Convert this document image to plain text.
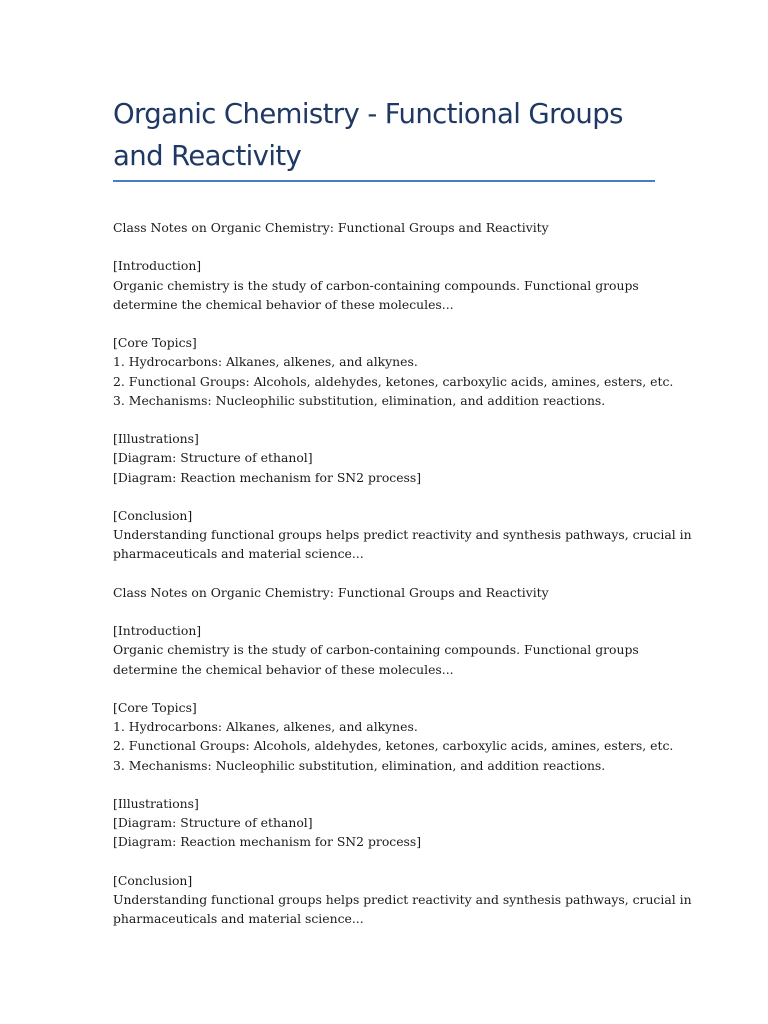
Organic Chemistry - Functional Groups
and Reactivity
Class Notes on Organic Chemistry: Functional Groups and Reactivity
[Introduction]
Organic chemistry is the study of carbon-containing compounds. Functional groups
determine the chemical behavior of these molecules...
[Core Topics]
1. Hydrocarbons: Alkanes, alkenes, and alkynes.
2. Functional Groups: Alcohols, aldehydes, ketones, carboxylic acids, amines, esters, etc.
3. Mechanisms: Nucleophilic substitution, elimination, and addition reactions.
[Illustrations]
[Diagram: Structure of ethanol]
[Diagram: Reaction mechanism for SN2 process]
[Conclusion]
Understanding functional groups helps predict reactivity and synthesis pathways, crucial in
pharmaceuticals and material science...
Class Notes on Organic Chemistry: Functional Groups and Reactivity
[Introduction]
Organic chemistry is the study of carbon-containing compounds. Functional groups
determine the chemical behavior of these molecules...
[Core Topics]
1. Hydrocarbons: Alkanes, alkenes, and alkynes.
2. Functional Groups: Alcohols, aldehydes, ketones, carboxylic acids, amines, esters, etc.
3. Mechanisms: Nucleophilic substitution, elimination, and addition reactions.
[Illustrations]
[Diagram: Structure of ethanol]
[Diagram: Reaction mechanism for SN2 process]
[Conclusion]
Understanding functional groups helps predict reactivity and synthesis pathways, crucial in
pharmaceuticals and material science...
